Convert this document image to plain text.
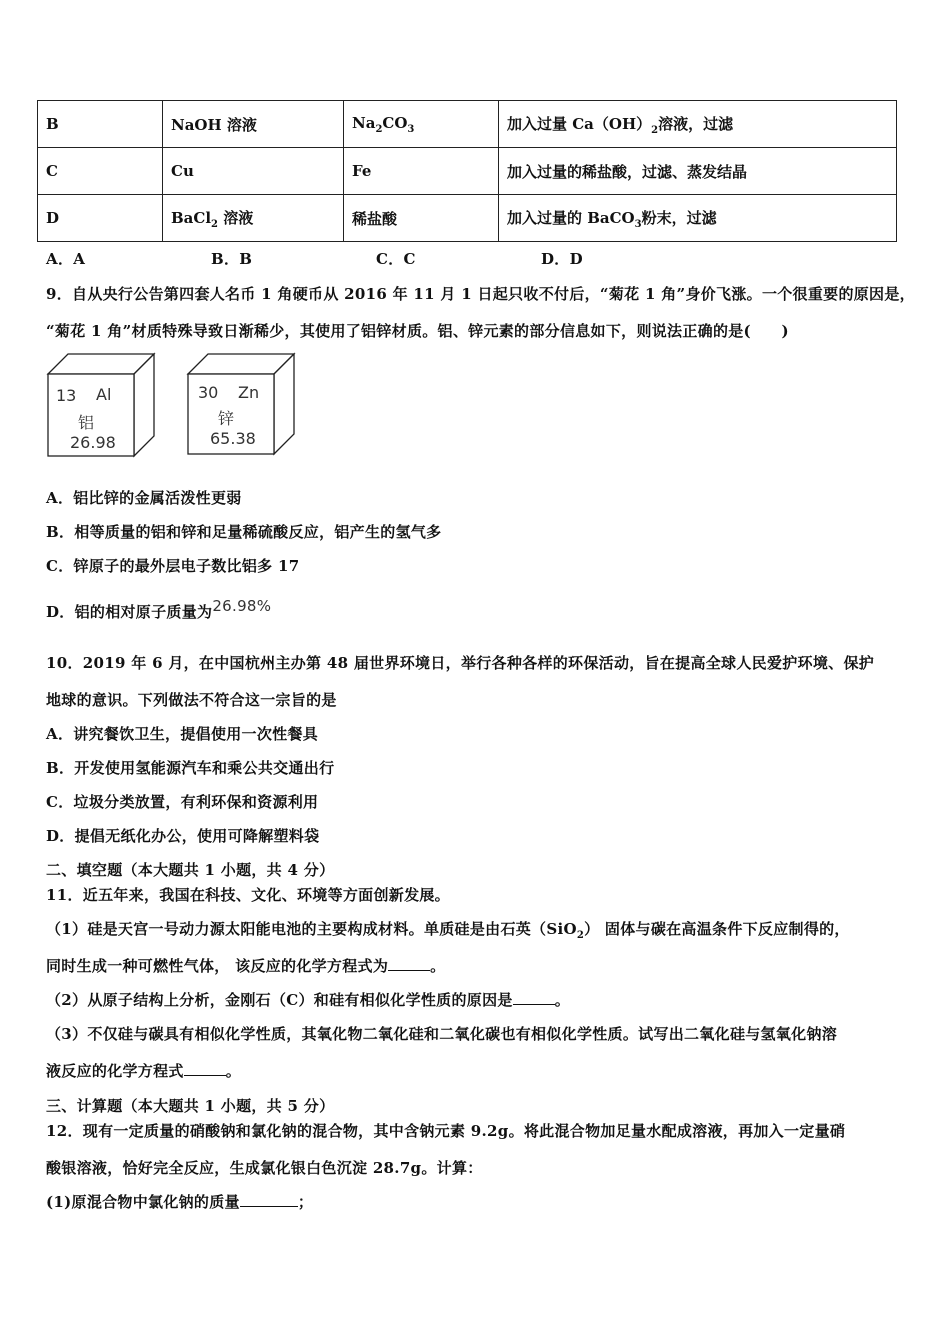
B	NaOH 溶液	$Na_2CO_3$	加入过量 $Ca(OH)_2$溶液，过滤
C	Cu	Fe	加入过量的稀盐酸，过滤、蒸发结晶
D	BaCl$_2$ 溶液	稀盐酸	加入过量的 BaCO$_3$粉末，过滤
A．A	B．B	C．C	D．D
9．自从央行公告第四套人名币 1 角硬币从 2016 年 11 月 1 日起只收不付后，“菊花 1 角”身价飞涨。一个很重要的原因是，
“菊花 1 角”材质特殊导致日渐稀少，其使用了铝锌材质。铝、锌元素的部分信息如下，则说法正确的是(　　)
13 Al
铝
26.98
30 Zn
锌
65.38
A．铝比锌的金属活泼性更弱
B．相等质量的铝和锌和足量稀硫酸反应，铝产生的氢气多
C．锌原子的最外层电子数比铝多 17
D．铝的相对原子质量为26.98%
10．2019 年 6 月，在中国杭州主办第 48 届世界环境日，举行各种各样的环保活动，旨在提高全球人民爱护环境、保护
地球的意识。下列做法不符合这一宗旨的是
A．讲究餐饮卫生，提倡使用一次性餐具
B．开发使用氢能源汽车和乘公共交通出行
C．垃圾分类放置，有利环保和资源利用
D．提倡无纸化办公，使用可降解塑料袋
二、填空题（本大题共 1 小题，共 4 分）
11．近五年来，我国在科技、文化、环境等方面创新发展。
（1）硅是天宫一号动力源太阳能电池的主要构成材料。单质硅是由石英（SiO$_2$） 固体与碳在高温条件下反应制得的，
同时生成一种可燃性气体， 该反应的化学方程式为	。
（2）从原子结构上分析，金刚石（C）和硅有相似化学性质的原因是	。
（3）不仅硅与碳具有相似化学性质，其氧化物二氧化硅和二氧化碳也有相似化学性质。试写出二氧化硅与氢氧化钠溶
液反应的化学方程式	。
三、计算题（本大题共 1 小题，共 5 分）
12．现有一定质量的硝酸钠和氯化钠的混合物，其中含钠元素 9.2g。将此混合物加足量水配成溶液，再加入一定量硝
酸银溶液，恰好完全反应，生成氯化银白色沉淀 28.7g。计算：
(1)原混合物中氯化钠的质量	；
